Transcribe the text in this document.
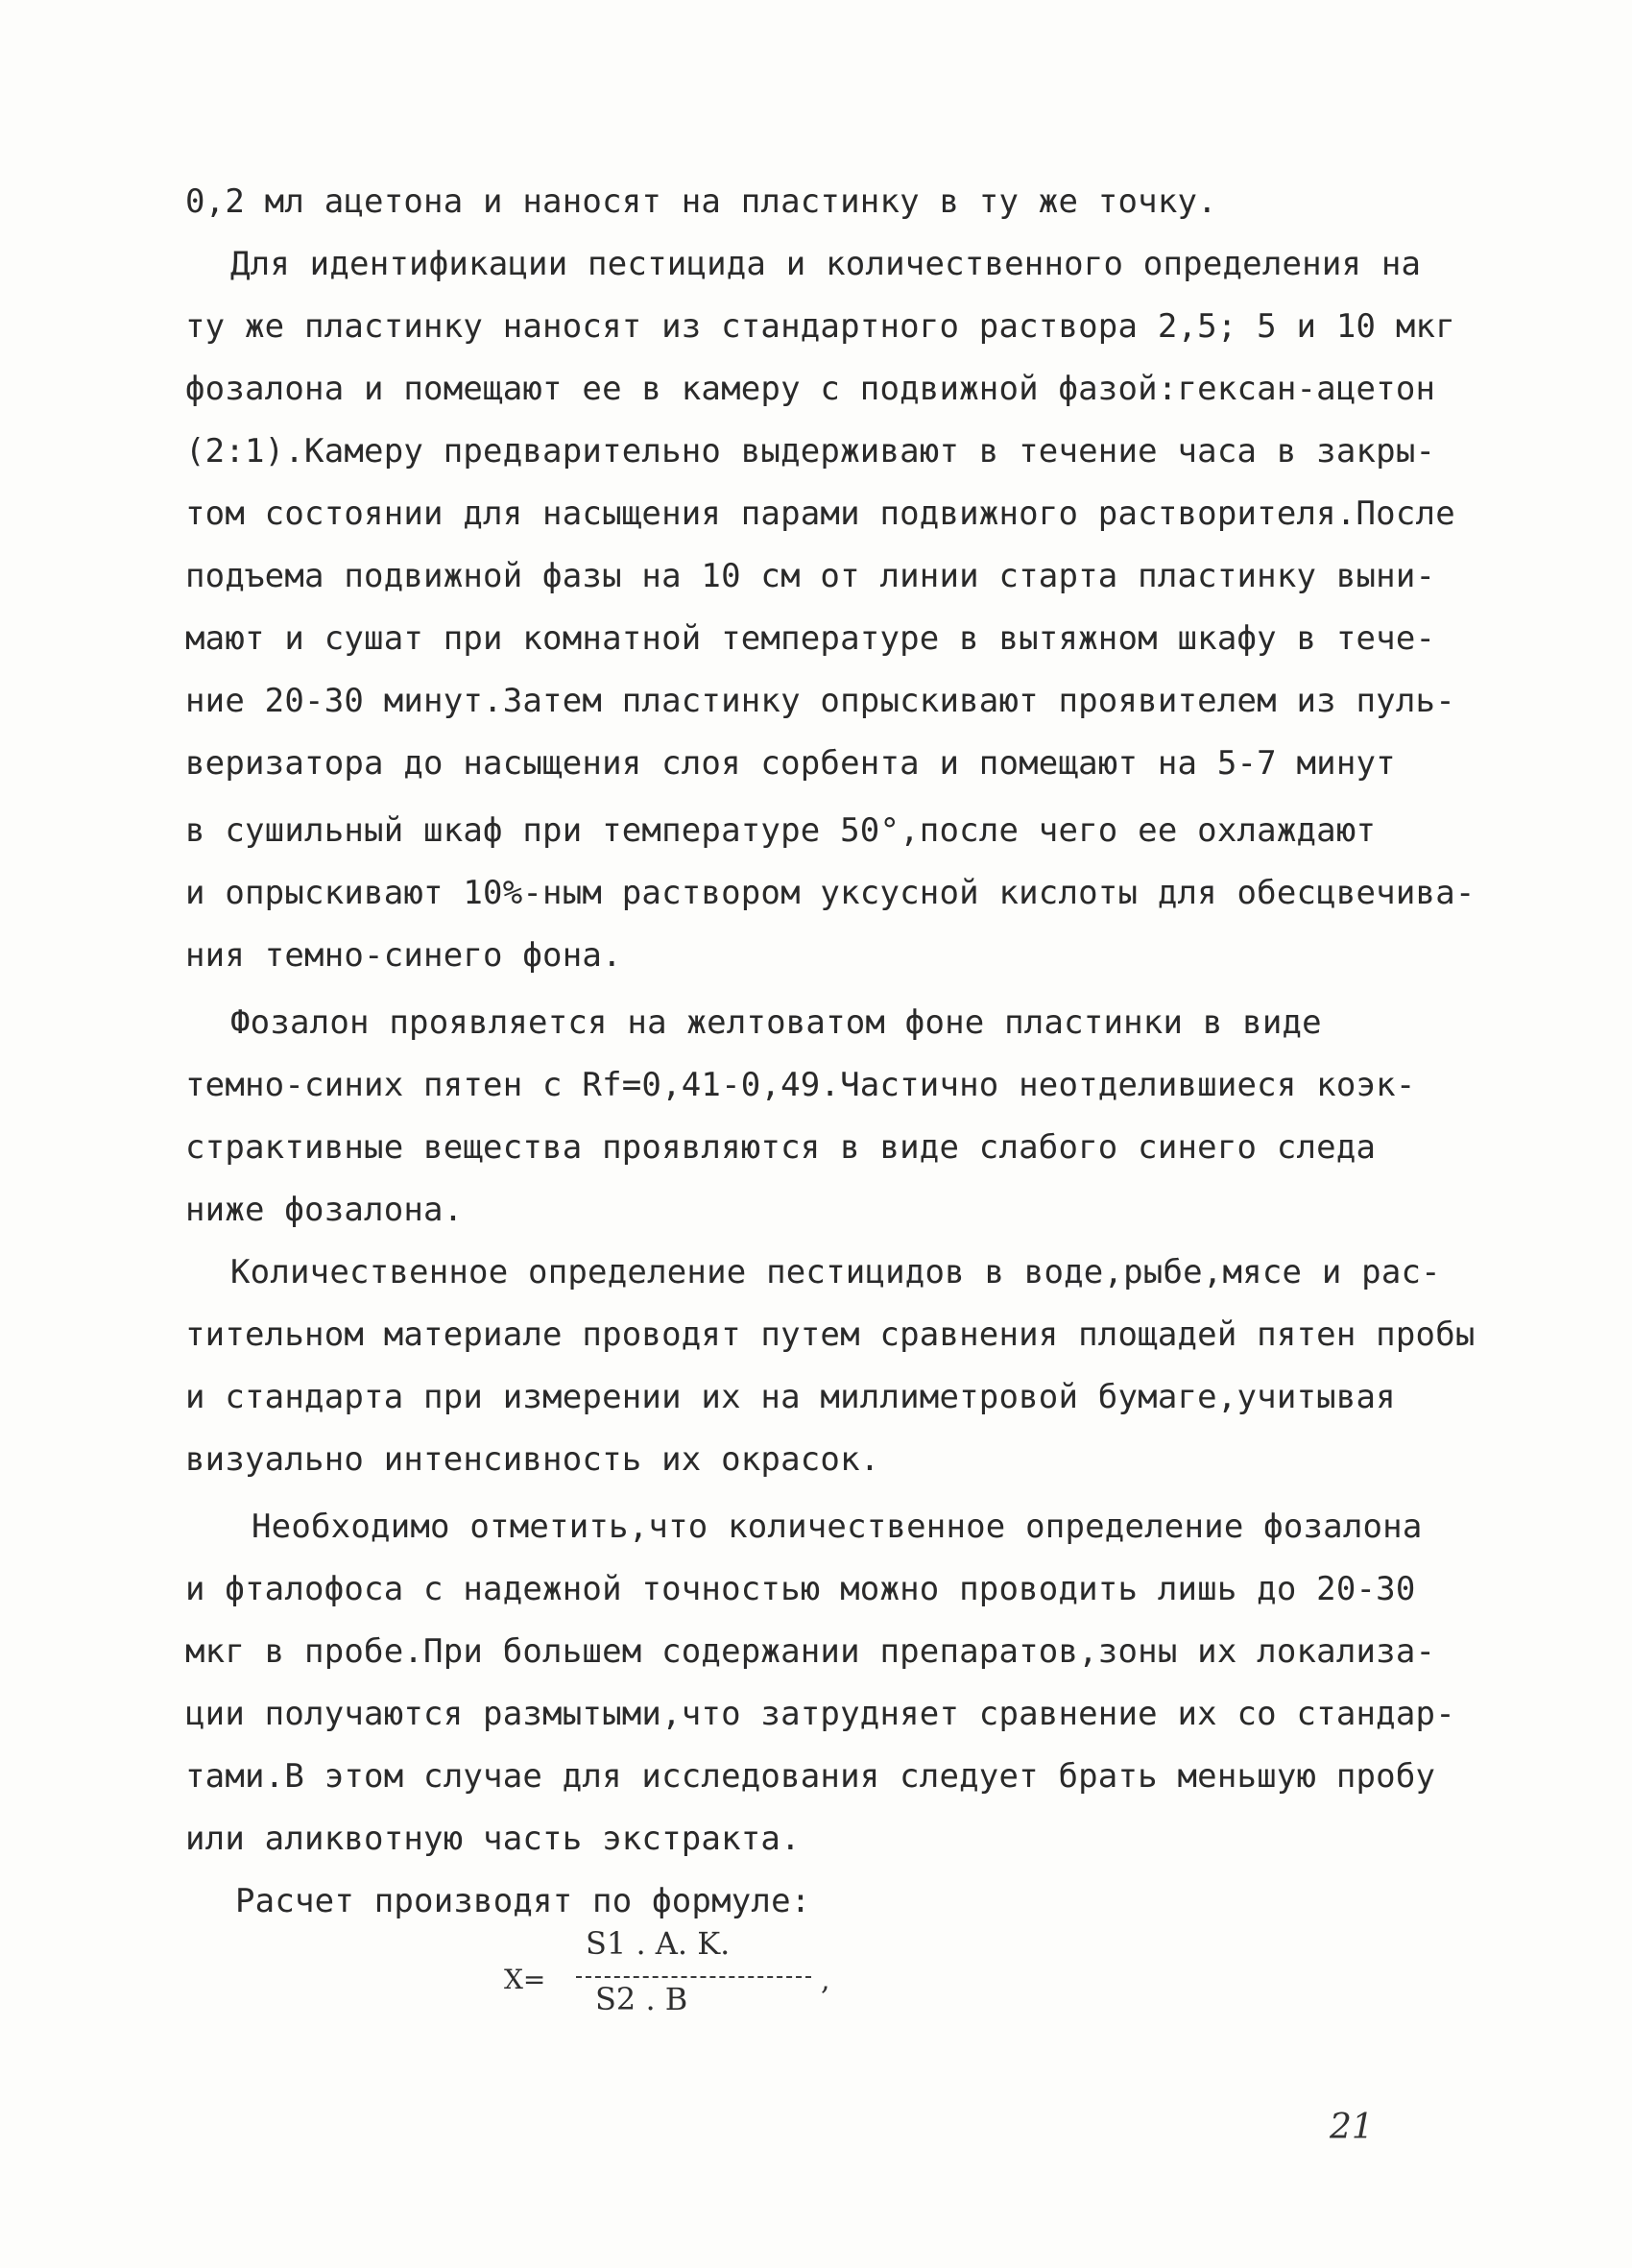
0,2 мл ацетона и наносят на пластинку в ту же точку.
Для идентификации пестицида и количественного определения на
ту же пластинку наносят из стандартного раствора 2,5; 5 и 10 мкг
фозалона и помещают ее в камеру с подвижной фазой:гексан-ацетон
(2:1).Камеру предварительно выдерживают в течение часа в закры-
том состоянии для насыщения парами подвижного растворителя.После
подъема подвижной фазы на 10 см от линии старта пластинку выни-
мают и сушат при комнатной температуре в вытяжном шкафу в тече-
ние 20-30 минут.Затем пластинку опрыскивают проявителем из пуль-
веризатора до насыщения слоя сорбента и помещают на 5-7 минут
в сушильный шкаф при температуре 50°,после чего ее охлаждают
и опрыскивают 10%-ным раствором уксусной кислоты для обесцвечива-
ния темно-синего фона.
Фозалон проявляется на желтоватом фоне пластинки в виде
темно-синих пятен с Rf=0,41-0,49.Частично неотделившиеся коэк-
страктивные вещества проявляются в виде слабого синего следа
ниже фозалона.
Количественное определение пестицидов в воде,рыбе,мясе и рас-
тительном материале проводят путем сравнения площадей пятен пробы
и стандарта при измерении их на миллиметровой бумаге,учитывая
визуально интенсивность их окрасок.
Необходимо отметить,что количественное определение фозалона
и фталофоса с надежной точностью можно проводить лишь до 20-30
мкг в пробе.При большем содержании препаратов,зоны их локализа-
ции получаются размытыми,что затрудняет сравнение их со стандар-
тами.В этом случае для исследования следует брать меньшую пробу
или аликвотную часть экстракта.
Расчет производят по формуле:
X=
S1 . A. K.
S2 . B
,
21
